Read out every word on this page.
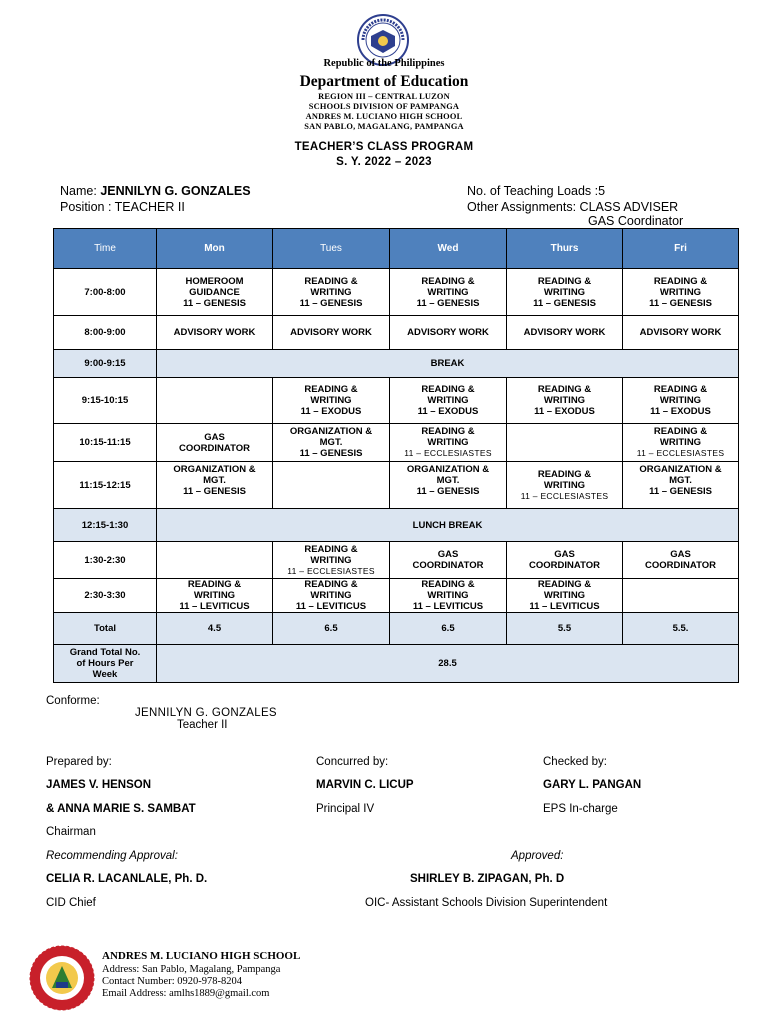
Republic of the Philippines
Department of Education
REGION III – CENTRAL LUZON
SCHOOLS DIVISION OF PAMPANGA
ANDRES M. LUCIANO HIGH SCHOOL
SAN PABLO, MAGALANG, PAMPANGA
TEACHER’S CLASS PROGRAM
S. Y. 2022 – 2023
Name: JENNILYN G. GONZALES
Position : TEACHER II
No. of Teaching Loads :5
Other Assignments: CLASS ADVISER
GAS Coordinator
Time	Mon	Tues	Wed	Thurs	Fri
7:00-8:00	HOMEROOM
GUIDANCE
11 – GENESIS	READING &
WRITING
11 – GENESIS	READING &
WRITING
11 – GENESIS	READING &
WRITING
11 – GENESIS	READING &
WRITING
11 – GENESIS
8:00-9:00	ADVISORY WORK	ADVISORY WORK	ADVISORY WORK	ADVISORY WORK	ADVISORY WORK
9:00-9:15	BREAK				
9:15-10:15		READING &
WRITING
11 – EXODUS	READING &
WRITING
11 – EXODUS	READING &
WRITING
11 – EXODUS	READING &
WRITING
11 – EXODUS
10:15-11:15	GAS
COORDINATOR	ORGANIZATION &
MGT.
11 – GENESIS	READING &
WRITING
11 – ECCLESIASTES		READING &
WRITING
11 – ECCLESIASTES
11:15-12:15	ORGANIZATION &
MGT.
11 – GENESIS		ORGANIZATION &
MGT.
11 – GENESIS	READING &
WRITING
11 – ECCLESIASTES	ORGANIZATION &
MGT.
11 – GENESIS
12:15-1:30	LUNCH BREAK				
1:30-2:30		READING &
WRITING
11 – ECCLESIASTES	GAS
COORDINATOR	GAS
COORDINATOR	GAS
COORDINATOR
2:30-3:30	READING &
WRITING
11 – LEVITICUS	READING &
WRITING
11 – LEVITICUS	READING &
WRITING
11 – LEVITICUS	READING &
WRITING
11 – LEVITICUS	
Total	4.5	6.5	6.5	5.5	5.5.
Grand Total No.
of Hours Per
Week	28.5				
Conforme:
JENNILYN G. GONZALES
Teacher II
Prepared by:
JAMES V. HENSON
& ANNA MARIE S. SAMBAT
Chairman
Concurred by:
MARVIN C. LICUP
Principal IV
Checked by:
GARY L. PANGAN
EPS In-charge
Recommending Approval:
CELIA R. LACANLALE, Ph. D.
CID Chief
Approved:
SHIRLEY B. ZIPAGAN, Ph. D
OIC- Assistant Schools Division Superintendent
ANDRES M. LUCIANO HIGH SCHOOL
Address: San Pablo, Magalang, Pampanga
Contact Number: 0920-978-8204
Email Address: amlhs1889@gmail.com
